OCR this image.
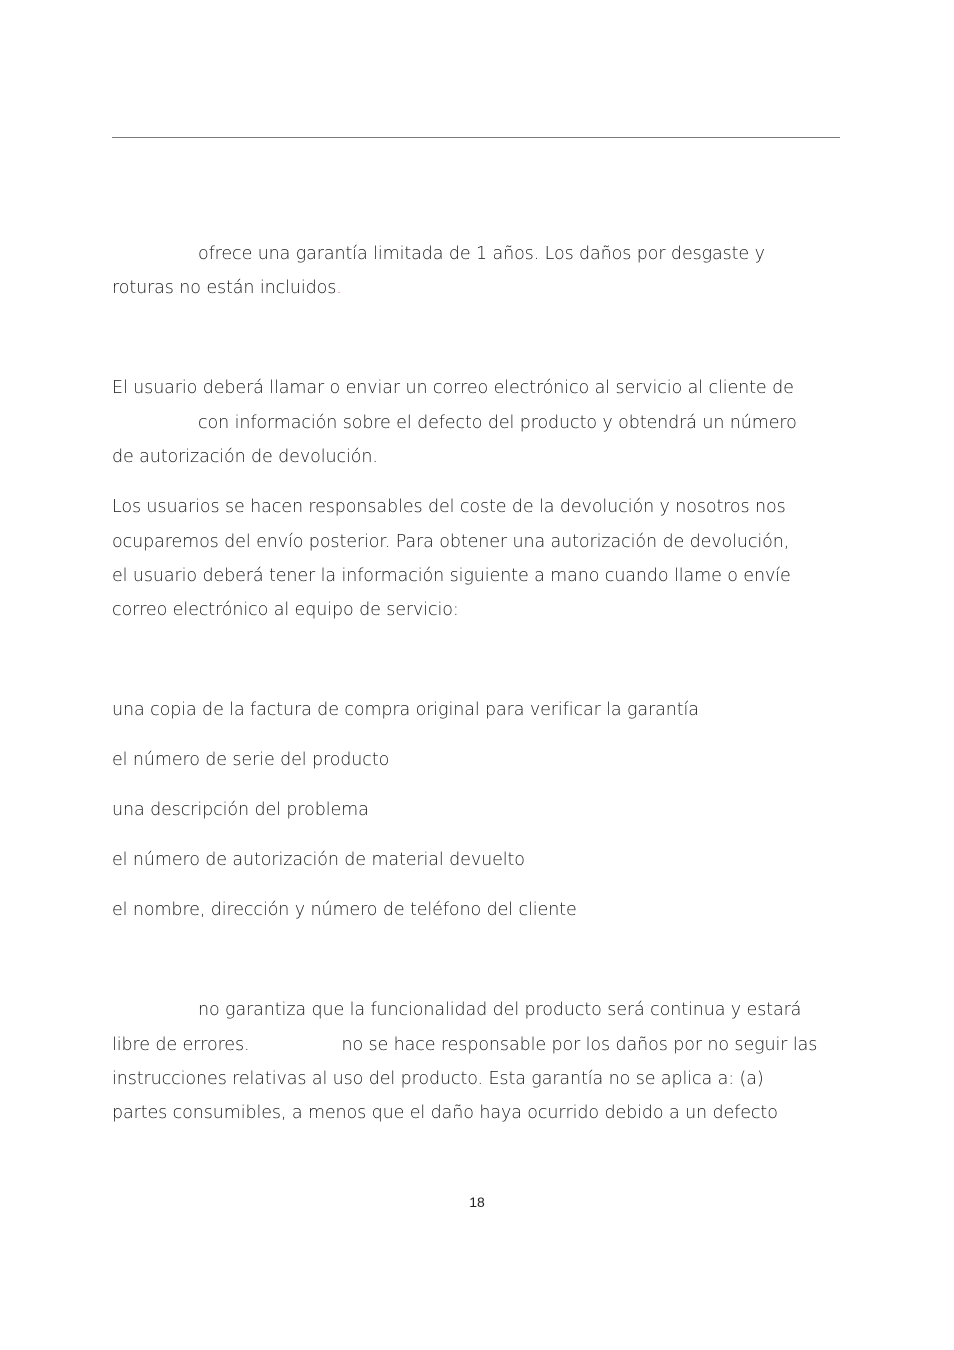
ofrece una garantía limitada de 1 años. Los daños por desgaste y
roturas no están incluidos.
El usuario deberá llamar o enviar un correo electrónico al servicio al cliente de
con información sobre el defecto del producto y obtendrá un número
de autorización de devolución.
Los usuarios se hacen responsables del coste de la devolución y nosotros nos
ocuparemos del envío posterior. Para obtener una autorización de devolución,
el usuario deberá tener la información siguiente a mano cuando llame o envíe
correo electrónico al equipo de servicio:
una copia de la factura de compra original para verificar la garantía
el número de serie del producto
una descripción del problema
el número de autorización de material devuelto
el nombre, dirección y número de teléfono del cliente
no garantiza que la funcionalidad del producto será continua y estará
libre de errores.	no se hace responsable por los daños por no seguir las
instrucciones relativas al uso del producto. Esta garantía no se aplica a: (a)
partes consumibles, a menos que el daño haya ocurrido debido a un defecto
18
